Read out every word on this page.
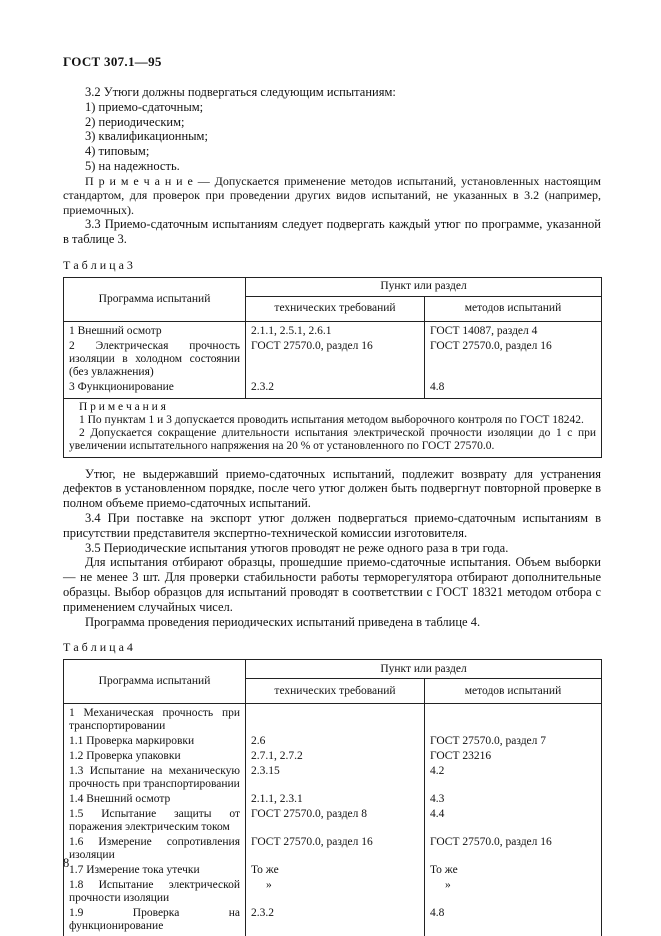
ГОСТ 307.1—95

3.2 Утюги должны подвергаться следующим испытаниям:

1) приемо-сдаточным;
2) периодическим;
3) квалификационным;
4) типовым;
5) на надежность.

П р и м е ч а н и е — Допускается применение методов испытаний, установленных настоящим стандартом, для проверок при проведении других видов испытаний, не указанных в 3.2 (например, приемочных).

3.3 Приемо-сдаточным испытаниям следует подвергать каждый утюг по программе, указанной в таблице 3.

Т а б л и ц а 3
Программа испытаний	Пункт или раздел	
	технических требований	методов испытаний
1 Внешний осмотр	2.1.1, 2.5.1, 2.6.1	ГОСТ 14087, раздел 4
2 Электрическая прочность изоляции в холодном состоянии (без увлажнения)	ГОСТ 27570.0, раздел 16	ГОСТ 27570.0, раздел 16
3 Функционирование	2.3.2	4.8

П р и м е ч а н и я
1 По пунктам 1 и 3 допускается проводить испытания методом выборочного контроля по ГОСТ 18242.
2 Допускается сокращение длительности испытания электрической прочности изоляции до 1 с при увеличении испытательного напряжения на 20 % от установленного по ГОСТ 27570.0.		

Утюг, не выдержавший приемо-сдаточных испытаний, подлежит возврату для устранения дефектов в установленном порядке, после чего утюг должен быть подвергнут повторной проверке в полном объеме приемо-сдаточных испытаний.

3.4 При поставке на экспорт утюг должен подвергаться приемо-сдаточным испытаниям в присутствии представителя экспертно-технической комиссии изготовителя.

3.5 Периодические испытания утюгов проводят не реже одного раза в три года.

Для испытания отбирают образцы, прошедшие приемо-сдаточные испытания. Объем выборки — не менее 3 шт. Для проверки стабильности работы терморегулятора отбирают дополнительные образцы. Выбор образцов для испытаний проводят в соответствии с ГОСТ 18321 методом отбора с применением случайных чисел.

Программа проведения периодических испытаний приведена в таблице 4.

Т а б л и ц а 4
Программа испытаний	Пункт или раздел	
	технических требований	методов испытаний
1 Механическая прочность при транспортировании		
1.1 Проверка маркировки	2.6	ГОСТ 27570.0, раздел 7
1.2 Проверка упаковки	2.7.1, 2.7.2	ГОСТ 23216
1.3 Испытание на механическую прочность при транспортировании	2.3.15	4.2
1.4 Внешний осмотр	2.1.1, 2.3.1	4.3
1.5 Испытание защиты от поражения электрическим током	ГОСТ 27570.0, раздел 8	4.4
1.6 Измерение сопротивления изоляции	ГОСТ 27570.0, раздел 16	ГОСТ 27570.0, раздел 16
1.7 Измерение тока утечки	То же	То же
1.8 Испытание электрической прочности изоляции	»	»
1.9 Проверка на функционирование	2.3.2	4.8
8
